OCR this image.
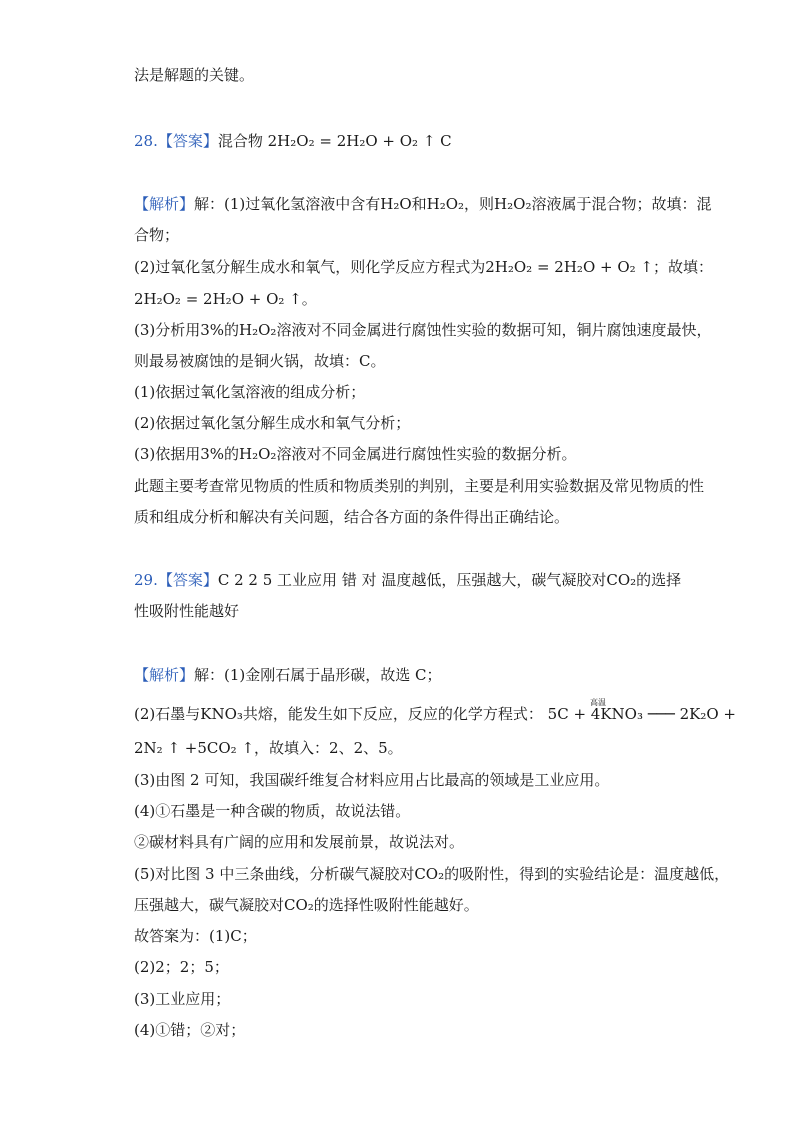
法是解题的关键。
28.【答案】混合物 2H₂O₂ = 2H₂O + O₂ ↑ C
【解析】解：(1)过氧化氢溶液中含有H₂O和H₂O₂，则H₂O₂溶液属于混合物；故填：混
合物；
(2)过氧化氢分解生成水和氧气，则化学反应方程式为2H₂O₂ = 2H₂O + O₂ ↑；故填：
2H₂O₂ = 2H₂O + O₂ ↑。
(3)分析用3%的H₂O₂溶液对不同金属进行腐蚀性实验的数据可知，铜片腐蚀速度最快，
则最易被腐蚀的是铜火锅，故填：C。
(1)依据过氧化氢溶液的组成分析；
(2)依据过氧化氢分解生成水和氧气分析；
(3)依据用3%的H₂O₂溶液对不同金属进行腐蚀性实验的数据分析。
此题主要考查常见物质的性质和物质类别的判别，主要是利用实验数据及常见物质的性
质和组成分析和解决有关问题，结合各方面的条件得出正确结论。
29.【答案】C 2 2 5 工业应用 错 对 温度越低，压强越大，碳气凝胶对CO₂的选择
性吸附性能越好
【解析】解：(1)金刚石属于晶形碳，故选 C；
高温
(2)石墨与KNO₃共熔，能发生如下反应，反应的化学方程式： 5C + 4KNO₃ ─── 2K₂O +
2N₂ ↑ +5CO₂ ↑，故填入：2、2、5。
(3)由图 2 可知，我国碳纤维复合材料应用占比最高的领域是工业应用。
(4)①石墨是一种含碳的物质，故说法错。
②碳材料具有广阔的应用和发展前景，故说法对。
(5)对比图 3 中三条曲线，分析碳气凝胶对CO₂的吸附性，得到的实验结论是：温度越低，
压强越大，碳气凝胶对CO₂的选择性吸附性能越好。
故答案为：(1)C；
(2)2；2；5；
(3)工业应用；
(4)①错；②对；
